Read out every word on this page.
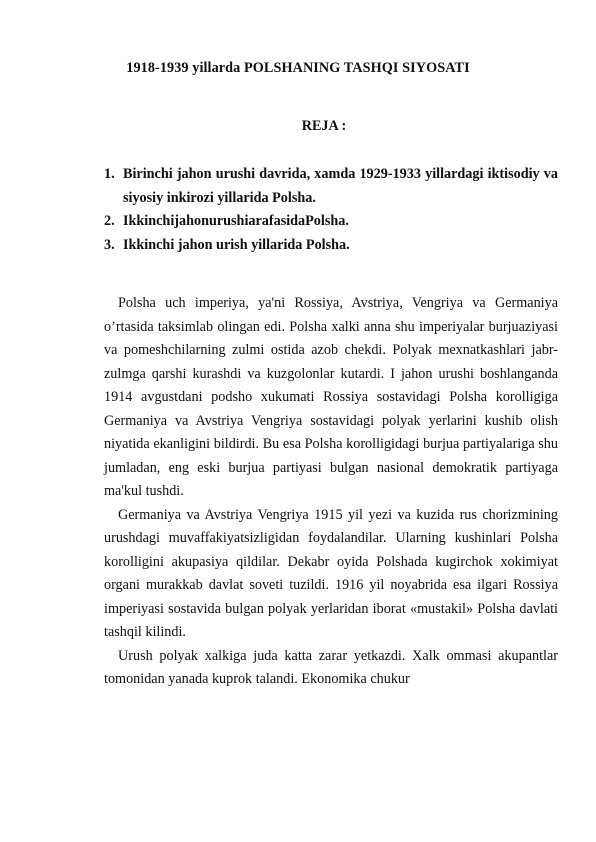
1918-1939 yillarda POLSHANING TASHQI SIYOSATI
REJA :
1. Birinchi jahon urushi davrida, xamda 1929-1933 yillardagi iktisodiy va siyosiy inkirozi yillarida Polsha.
2. IkkinchijahonurushiarafasidaPolsha.
3. Ikkinchi jahon urish yillarida Polsha.

Polsha uch imperiya, ya'ni Rossiya, Avstriya, Vengriya va Germaniya o’rtasida taksimlab olingan edi. Polsha xalki anna shu imperiyalar burjuaziyasi va pomeshchilarning zulmi ostida azob chekdi. Polyak mexnatkashlari jabr-zulmga qarshi kurashdi va kuzgolonlar kutardi. I jahon urushi boshlanganda 1914 avgustdani podsho xukumati Rossiya sostavidagi Polsha korolligiga Germaniya va Avstriya Vengriya sostavidagi polyak yerlarini kushib olish niyatida ekanligini bildirdi. Bu esa Polsha korolligidagi burjua partiyalariga shu jumladan, eng eski burjua partiyasi bulgan nasional demokratik partiyaga ma'kul tushdi.

Germaniya va Avstriya Vengriya 1915 yil yezi va kuzida rus chorizmining urushdagi muvaffakiyatsizligidan foydalandilar. Ularning kushinlari Polsha korolligini akupasiya qildilar. Dekabr oyida Polshada kugirchok xokimiyat organi murakkab davlat soveti tuzildi. 1916 yil noyabrida esa ilgari Rossiya imperiyasi sostavida bulgan polyak yerlaridan iborat «mustakil» Polsha davlati tashqil kilindi.

Urush polyak xalkiga juda katta zarar yetkazdi. Xalk ommasi akupantlar tomonidan yanada kuprok talandi. Ekonomika chukur
